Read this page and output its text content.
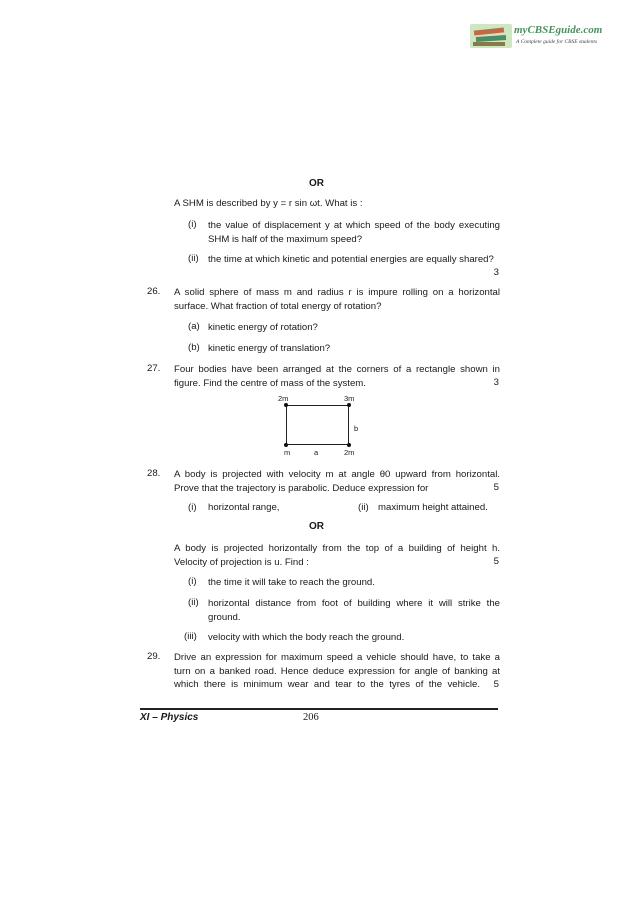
myCBSEguide.com
A Complete guide for CBSE students
OR
A SHM is described by y = r sin ωt. What is :
(i) the value of displacement y at which speed of the body executing SHM is half of the maximum speed?
(ii) the time at which kinetic and potential energies are equally shared?
3
26. A solid sphere of mass m and radius r is impure rolling on a horizontal surface. What fraction of total energy of rotation?
(a) kinetic energy of rotation?
(b) kinetic energy of translation?
27. Four bodies have been arranged at the corners of a rectangle shown in
figure. Find the centre of mass of the system.	3
2m	3m
m	a	2m
b
28. A body is projected with velocity m at angle θ0 upward from horizontal.
Prove that the trajectory is parabolic. Deduce expression for	5
(i) horizontal range,	(ii) maximum height attained.
OR
A body is projected horizontally from the top of a building of height h.
Velocity of projection is u. Find :	5
(i) the time it will take to reach the ground.
(ii) horizontal distance from foot of building where it will strike the ground.
(iii) velocity with which the body reach the ground.
29. Drive an expression for maximum speed a vehicle should have, to take a
turn on a banked road. Hence deduce expression for angle of banking at
which there is minimum wear and tear to the tyres of the vehicle. 5
XI – Physics	206
